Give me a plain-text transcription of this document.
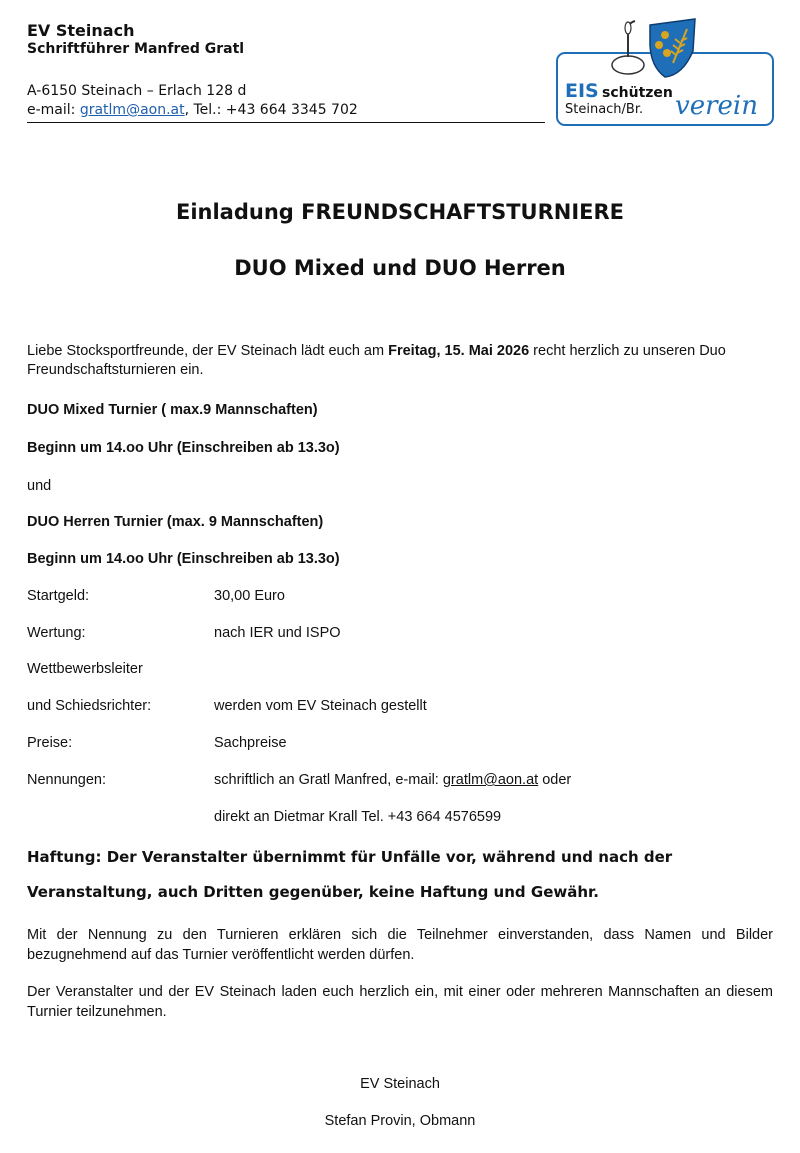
EV Steinach
Schriftführer Manfred Gratl
A-6150 Steinach – Erlach 128 d
e-mail: gratlm@aon.at, Tel.: +43 664 3345 702
EIS schützen
Steinach/Br. verein
Einladung FREUNDSCHAFTSTURNIERE
DUO Mixed und DUO Herren
Liebe Stocksportfreunde, der EV Steinach lädt euch am Freitag, 15. Mai 2026 recht herzlich zu unseren Duo Freundschaftsturnieren ein.
DUO Mixed Turnier ( max.9 Mannschaften)
Beginn um 14.oo Uhr (Einschreiben ab 13.3o)
und
DUO Herren Turnier (max. 9 Mannschaften)
Beginn um 14.oo Uhr (Einschreiben ab 13.3o)
Startgeld:	30,00 Euro
Wertung:	nach IER und ISPO
Wettbewerbsleiter
und Schiedsrichter:	werden vom EV Steinach gestellt
Preise:	Sachpreise
Nennungen:	schriftlich an Gratl Manfred, e-mail: gratlm@aon.at oder
direkt an Dietmar Krall Tel. +43 664 4576599
Haftung: Der Veranstalter übernimmt für Unfälle vor, während und nach der
Veranstaltung, auch Dritten gegenüber, keine Haftung und Gewähr.
Mit der Nennung zu den Turnieren erklären sich die Teilnehmer einverstanden, dass Namen und Bilder bezugnehmend auf das Turnier veröffentlicht werden dürfen.
Der Veranstalter und der EV Steinach laden euch herzlich ein, mit einer oder mehreren Mannschaften an diesem Turnier teilzunehmen.
EV Steinach
Stefan Provin, Obmann
